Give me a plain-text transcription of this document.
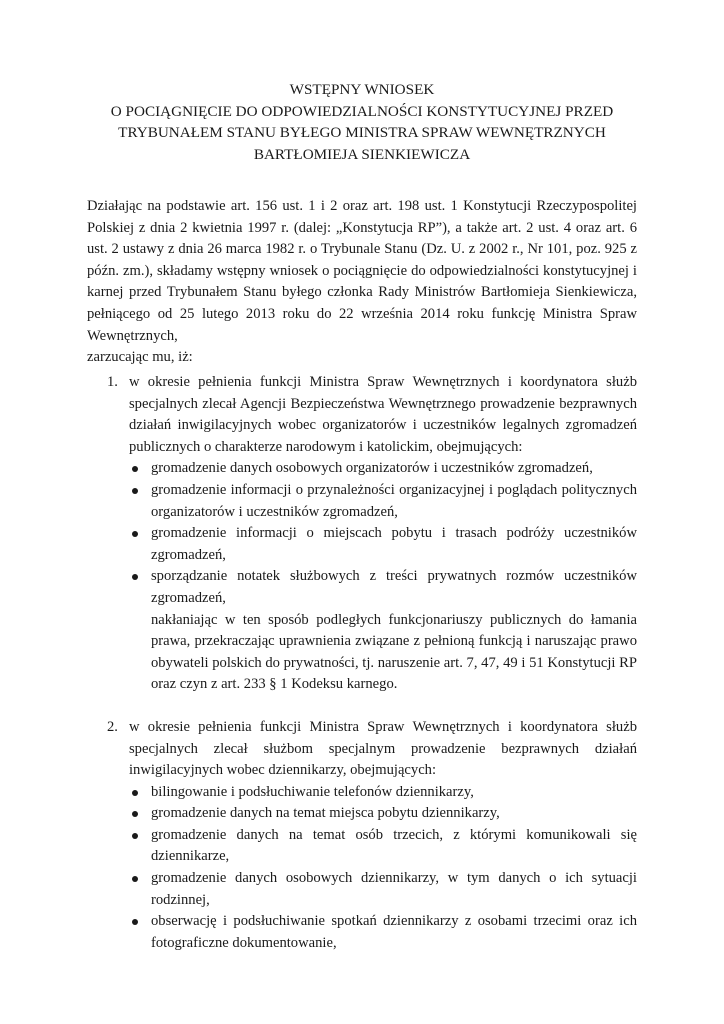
WSTĘPNY WNIOSEK
O POCIĄGNIĘCIE DO ODPOWIEDZIALNOŚCI KONSTYTUCYJNEJ PRZED
TRYBUNAŁEM STANU BYŁEGO MINISTRA SPRAW WEWNĘTRZNYCH
BARTŁOMIEJA SIENKIEWICZA

Działając na podstawie art. 156 ust. 1 i 2 oraz art. 198 ust. 1 Konstytucji Rzeczypospolitej Polskiej z dnia 2 kwietnia 1997 r. (dalej: „Konstytucja RP”), a także art. 2 ust. 4 oraz art. 6 ust. 2 ustawy z dnia 26 marca 1982 r. o Trybunale Stanu (Dz. U. z 2002 r., Nr 101, poz. 925 z późn. zm.), składamy wstępny wniosek o pociągnięcie do odpowiedzialności konstytucyjnej i karnej przed Trybunałem Stanu byłego członka Rady Ministrów Bartłomieja Sienkiewicza, pełniącego od 25 lutego 2013 roku do 22 września 2014 roku funkcję Ministra Spraw Wewnętrznych,

zarzucając mu, iż:

1. w okresie pełnienia funkcji Ministra Spraw Wewnętrznych i koordynatora służb specjalnych zlecał Agencji Bezpieczeństwa Wewnętrznego prowadzenie bezprawnych działań inwigilacyjnych wobec organizatorów i uczestników legalnych zgromadzeń publicznych o charakterze narodowym i katolickim, obejmujących:
gromadzenie danych osobowych organizatorów i uczestników zgromadzeń,
gromadzenie informacji o przynależności organizacyjnej i poglądach politycznych organizatorów i uczestników zgromadzeń,
gromadzenie informacji o miejscach pobytu i trasach podróży uczestników zgromadzeń,
sporządzanie notatek służbowych z treści prywatnych rozmów uczestników zgromadzeń,
nakłaniając w ten sposób podległych funkcjonariuszy publicznych do łamania prawa, przekraczając uprawnienia związane z pełnioną funkcją i naruszając prawo obywateli polskich do prywatności, tj. naruszenie art. 7, 47, 49 i 51 Konstytucji RP oraz czyn z art. 233 § 1 Kodeksu karnego.
2. w okresie pełnienia funkcji Ministra Spraw Wewnętrznych i koordynatora służb specjalnych zlecał służbom specjalnym prowadzenie bezprawnych działań inwigilacyjnych wobec dziennikarzy, obejmujących:
bilingowanie i podsłuchiwanie telefonów dziennikarzy,
gromadzenie danych na temat miejsca pobytu dziennikarzy,
gromadzenie danych na temat osób trzecich, z którymi komunikowali się dziennikarze,
gromadzenie danych osobowych dziennikarzy, w tym danych o ich sytuacji rodzinnej,
obserwację i podsłuchiwanie spotkań dziennikarzy z osobami trzecimi oraz ich fotograficzne dokumentowanie,
